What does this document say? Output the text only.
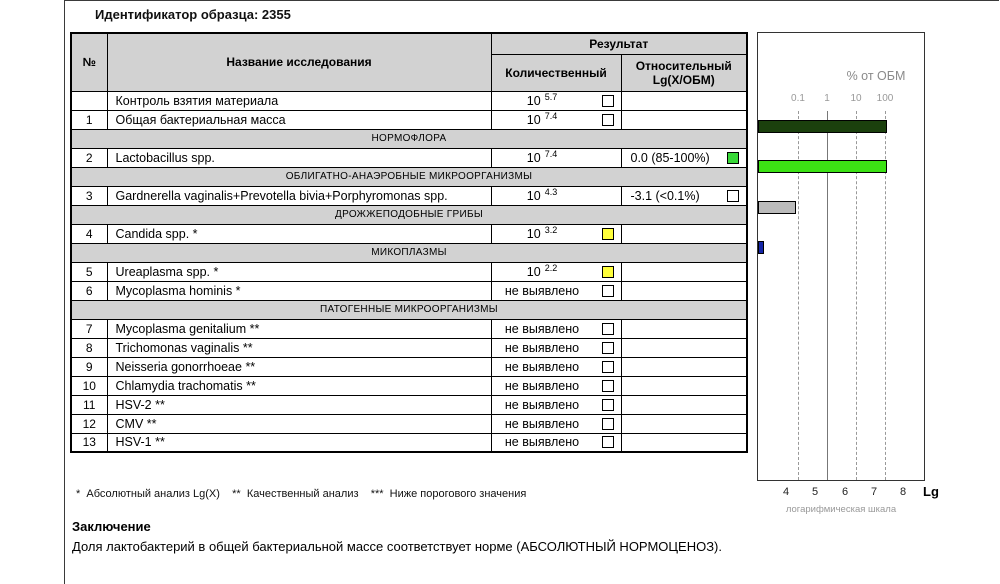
Идентификатор образца: 2355
№	Название исследования	Результат	
		Количественный	Относительный
Lg(X/ОБМ)
	Контроль взятия материала	10 $^{5.7}$

1	Общая бактериальная масса	10 $^{7.4}$

НОРМОФЛОРА			
2	Lactobacillus spp.	10 $^{7.4}$	0.0 (85-100%)

ОБЛИГАТНО-АНАЭРОБНЫЕ МИКРООРГАНИЗМЫ			
3	Gardnerella vaginalis+Prevotella bivia+Porphyromonas spp.	10 $^{4.3}$	-3.1 (<0.1%)

ДРОЖЖЕПОДОБНЫЕ ГРИБЫ			
4	Candida spp. *	10 $^{3.2}$

МИКОПЛАЗМЫ			
5	Ureaplasma spp. *	10 $^{2.2}$

6	Mycoplasma hominis *	не выявлено	

ПАТОГЕННЫЕ МИКРООРГАНИЗМЫ			
7	Mycoplasma genitalium **	не выявлено	

8	Trichomonas vaginalis **	не выявлено	

9	Neisseria gonorrhoeae **	не выявлено	

10	Chlamydia trachomatis **	не выявлено	

11	HSV-2 **	не выявлено	

12	CMV **	не выявлено	

13	HSV-1 **	не выявлено	

*  Абсолютный анализ Lg(X)    **  Качественный анализ    ***  Ниже порогового значения
Заключение
Доля лактобактерий в общей бактериальной массе соответствует норме (АБСОЛЮТНЫЙ НОРМОЦЕНОЗ).
% от ОБМ
0.1	1	10	100
4	5	6	7	8	Lg
логарифмическая шкала
